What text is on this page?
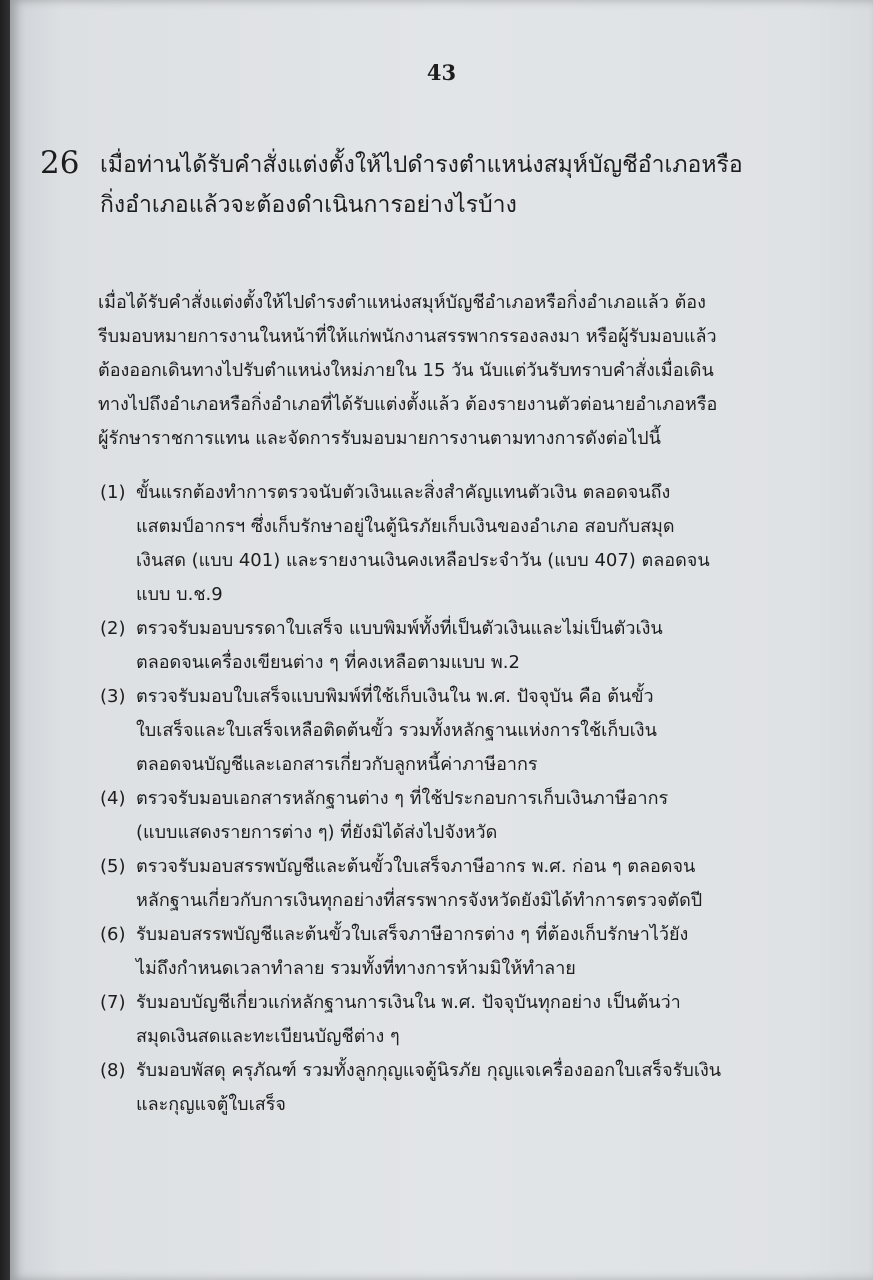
43
26 เมื่อท่านได้รับคำสั่งแต่งตั้งให้ไปดำรงตำแหน่งสมุห์บัญชีอำเภอหรือ
กิ่งอำเภอแล้วจะต้องดำเนินการอย่างไรบ้าง
เมื่อได้รับคำสั่งแต่งตั้งให้ไปดำรงตำแหน่งสมุห์บัญชีอำเภอหรือกิ่งอำเภอแล้ว ต้อง
รีบมอบหมายการงานในหน้าที่ให้แก่พนักงานสรรพากรรองลงมา หรือผู้รับมอบแล้ว
ต้องออกเดินทางไปรับตำแหน่งใหม่ภายใน 15 วัน นับแต่วันรับทราบคำสั่งเมื่อเดิน
ทางไปถึงอำเภอหรือกิ่งอำเภอที่ได้รับแต่งตั้งแล้ว ต้องรายงานตัวต่อนายอำเภอหรือ
ผู้รักษาราชการแทน และจัดการรับมอบมายการงานตามทางการดังต่อไปนี้
(1) ขั้นแรกต้องทำการตรวจนับตัวเงินและสิ่งสำคัญแทนตัวเงิน ตลอดจนถึง
แสตมป์อากรฯ ซึ่งเก็บรักษาอยู่ในตู้นิรภัยเก็บเงินของอำเภอ สอบกับสมุด
เงินสด (แบบ 401) และรายงานเงินคงเหลือประจำวัน (แบบ 407) ตลอดจน
แบบ บ.ช.9
(2) ตรวจรับมอบบรรดาใบเสร็จ แบบพิมพ์ทั้งที่เป็นตัวเงินและไม่เป็นตัวเงิน
ตลอดจนเครื่องเขียนต่าง ๆ ที่คงเหลือตามแบบ พ.2
(3) ตรวจรับมอบใบเสร็จแบบพิมพ์ที่ใช้เก็บเงินใน พ.ศ. ปัจจุบัน คือ ต้นขั้ว
ใบเสร็จและใบเสร็จเหลือติดต้นขั้ว รวมทั้งหลักฐานแห่งการใช้เก็บเงิน
ตลอดจนบัญชีและเอกสารเกี่ยวกับลูกหนี้ค่าภาษีอากร
(4) ตรวจรับมอบเอกสารหลักฐานต่าง ๆ ที่ใช้ประกอบการเก็บเงินภาษีอากร
(แบบแสดงรายการต่าง ๆ) ที่ยังมิได้ส่งไปจังหวัด
(5) ตรวจรับมอบสรรพบัญชีและต้นขั้วใบเสร็จภาษีอากร พ.ศ. ก่อน ๆ ตลอดจน
หลักฐานเกี่ยวกับการเงินทุกอย่างที่สรรพากรจังหวัดยังมิได้ทำการตรวจตัดปี
(6) รับมอบสรรพบัญชีและต้นขั้วใบเสร็จภาษีอากรต่าง ๆ ที่ต้องเก็บรักษาไว้ยัง
ไม่ถึงกำหนดเวลาทำลาย รวมทั้งที่ทางการห้ามมิให้ทำลาย
(7) รับมอบบัญชีเกี่ยวแก่หลักฐานการเงินใน พ.ศ. ปัจจุบันทุกอย่าง เป็นต้นว่า
สมุดเงินสดและทะเบียนบัญชีต่าง ๆ
(8) รับมอบพัสดุ ครุภัณฑ์ รวมทั้งลูกกุญแจตู้นิรภัย กุญแจเครื่องออกใบเสร็จรับเงิน
และกุญแจตู้ใบเสร็จ
